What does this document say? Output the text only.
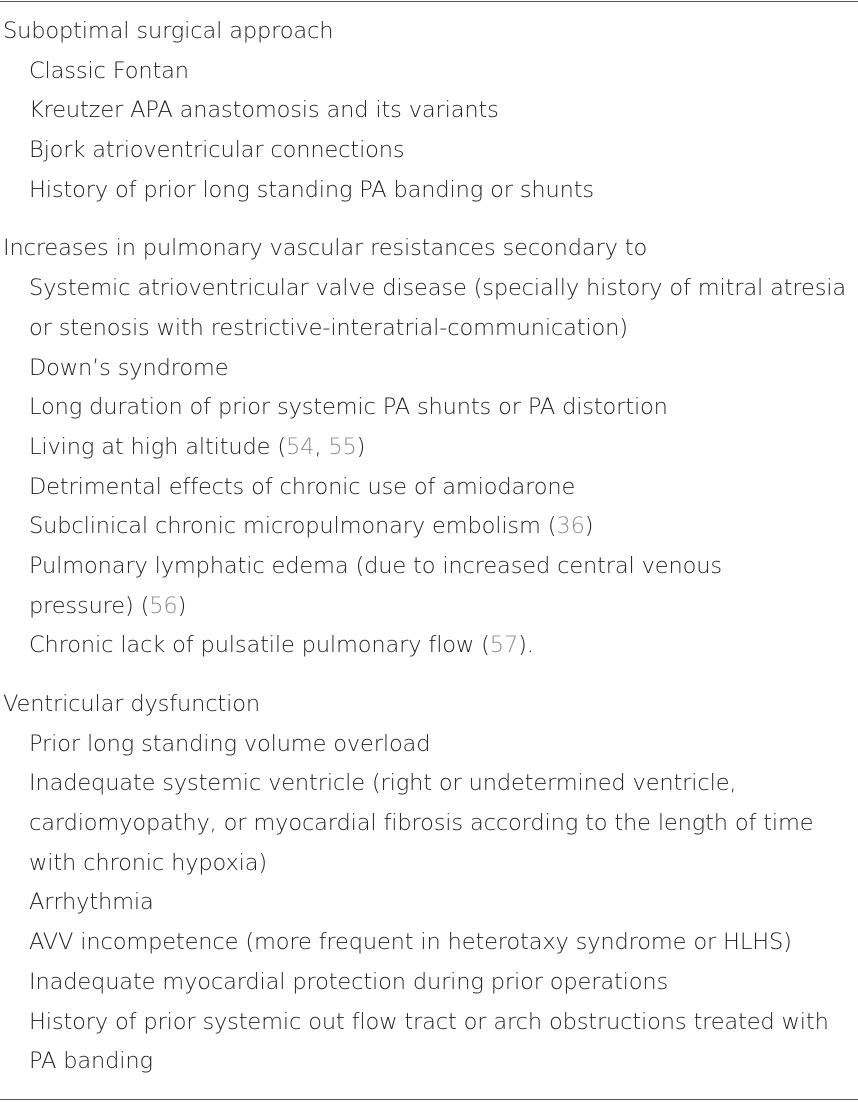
Suboptimal surgical approach
Classic Fontan
Kreutzer APA anastomosis and its variants
Bjork atrioventricular connections
History of prior long standing PA banding or shunts
Increases in pulmonary vascular resistances secondary to
Systemic atrioventricular valve disease (specially history of mitral atresia
or stenosis with restrictive-interatrial-communication)
Down’s syndrome
Long duration of prior systemic PA shunts or PA distortion
Living at high altitude (54, 55)
Detrimental effects of chronic use of amiodarone
Subclinical chronic micropulmonary embolism (36)
Pulmonary lymphatic edema (due to increased central venous
pressure) (56)
Chronic lack of pulsatile pulmonary flow (57).
Ventricular dysfunction
Prior long standing volume overload
Inadequate systemic ventricle (right or undetermined ventricle,
cardiomyopathy, or myocardial fibrosis according to the length of time
with chronic hypoxia)
Arrhythmia
AVV incompetence (more frequent in heterotaxy syndrome or HLHS)
Inadequate myocardial protection during prior operations
History of prior systemic out flow tract or arch obstructions treated with
PA banding
